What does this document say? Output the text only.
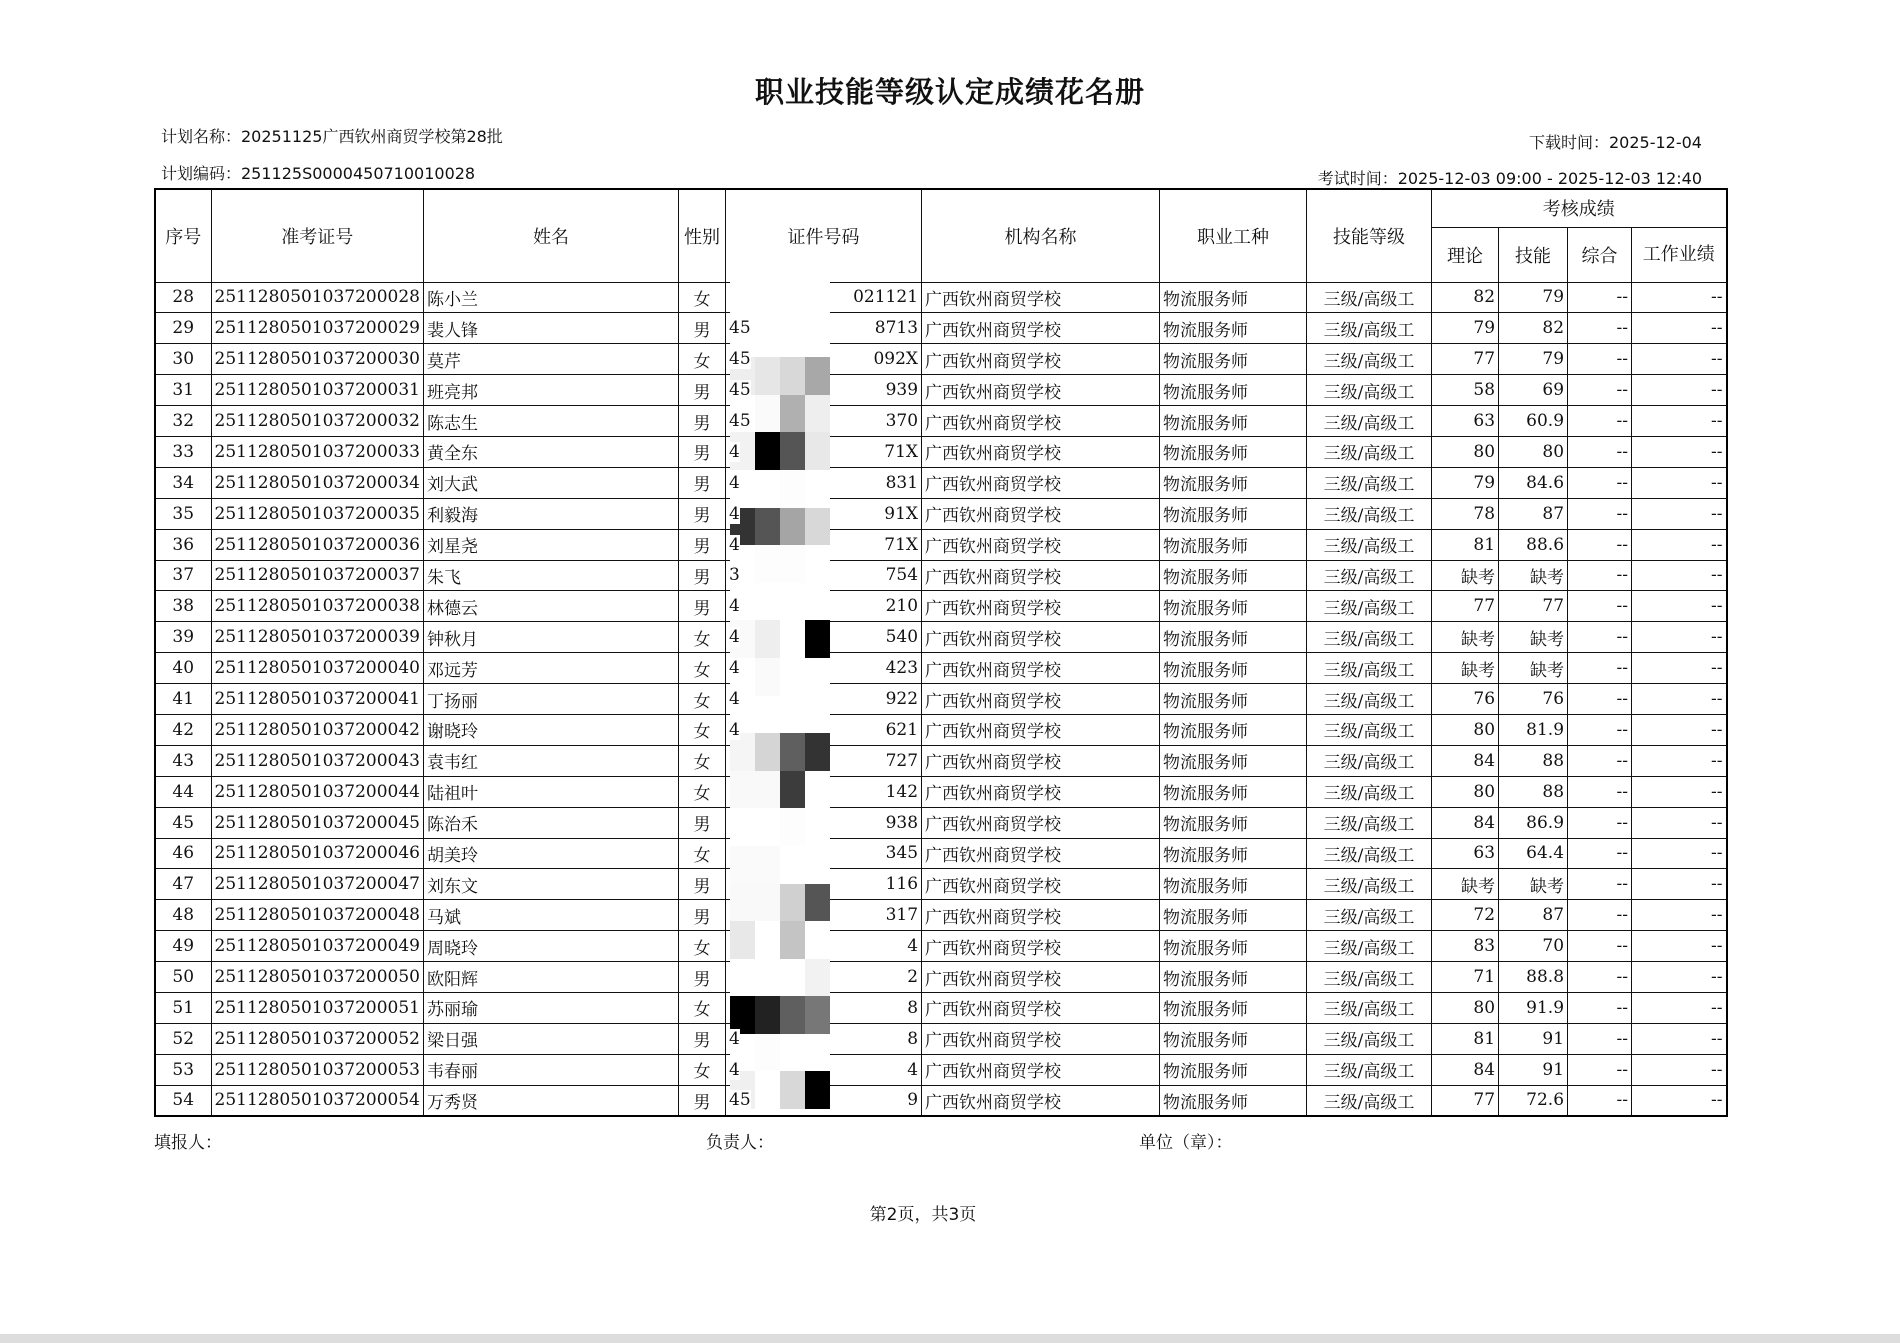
职业技能等级认定成绩花名册
计划名称：20251125广西钦州商贸学校第28批
计划编码：251125S0000450710010028
下载时间：2025-12-04
考试时间：2025-12-03 09:00 - 2025-12-03 12:40
序号	准考证号	姓名	性别	证件号码	机构名称	职业工种	技能等级	考核成绩			
								理论	技能	综合	工作业绩
28	2511280501037200028	陈小兰	女	021121	广西钦州商贸学校	物流服务师	三级/高级工	82	79	--	--
29	2511280501037200029	裴人锋	男	45 8713	广西钦州商贸学校	物流服务师	三级/高级工	79	82	--	--
30	2511280501037200030	莫芹	女	45 092X	广西钦州商贸学校	物流服务师	三级/高级工	77	79	--	--
31	2511280501037200031	班亮邦	男	45 939	广西钦州商贸学校	物流服务师	三级/高级工	58	69	--	--
32	2511280501037200032	陈志生	男	45 370	广西钦州商贸学校	物流服务师	三级/高级工	63	60.9	--	--
33	2511280501037200033	黄全东	男	4 71X	广西钦州商贸学校	物流服务师	三级/高级工	80	80	--	--
34	2511280501037200034	刘大武	男	4 831	广西钦州商贸学校	物流服务师	三级/高级工	79	84.6	--	--
35	2511280501037200035	利毅海	男	4 91X	广西钦州商贸学校	物流服务师	三级/高级工	78	87	--	--
36	2511280501037200036	刘星尧	男	4 71X	广西钦州商贸学校	物流服务师	三级/高级工	81	88.6	--	--
37	2511280501037200037	朱飞	男	3 754	广西钦州商贸学校	物流服务师	三级/高级工	缺考	缺考	--	--
38	2511280501037200038	林德云	男	4 210	广西钦州商贸学校	物流服务师	三级/高级工	77	77	--	--
39	2511280501037200039	钟秋月	女	4 540	广西钦州商贸学校	物流服务师	三级/高级工	缺考	缺考	--	--
40	2511280501037200040	邓远芳	女	4 423	广西钦州商贸学校	物流服务师	三级/高级工	缺考	缺考	--	--
41	2511280501037200041	丁扬丽	女	4 922	广西钦州商贸学校	物流服务师	三级/高级工	76	76	--	--
42	2511280501037200042	谢晓玲	女	4 621	广西钦州商贸学校	物流服务师	三级/高级工	80	81.9	--	--
43	2511280501037200043	袁韦红	女	727	广西钦州商贸学校	物流服务师	三级/高级工	84	88	--	--
44	2511280501037200044	陆祖叶	女	142	广西钦州商贸学校	物流服务师	三级/高级工	80	88	--	--
45	2511280501037200045	陈治禾	男	938	广西钦州商贸学校	物流服务师	三级/高级工	84	86.9	--	--
46	2511280501037200046	胡美玲	女	345	广西钦州商贸学校	物流服务师	三级/高级工	63	64.4	--	--
47	2511280501037200047	刘东文	男	116	广西钦州商贸学校	物流服务师	三级/高级工	缺考	缺考	--	--
48	2511280501037200048	马斌	男	317	广西钦州商贸学校	物流服务师	三级/高级工	72	87	--	--
49	2511280501037200049	周晓玲	女	4	广西钦州商贸学校	物流服务师	三级/高级工	83	70	--	--
50	2511280501037200050	欧阳辉	男	2	广西钦州商贸学校	物流服务师	三级/高级工	71	88.8	--	--
51	2511280501037200051	苏丽瑜	女	8	广西钦州商贸学校	物流服务师	三级/高级工	80	91.9	--	--
52	2511280501037200052	梁日强	男	4 8	广西钦州商贸学校	物流服务师	三级/高级工	81	91	--	--
53	2511280501037200053	韦春丽	女	4 4	广西钦州商贸学校	物流服务师	三级/高级工	84	91	--	--
54	2511280501037200054	万秀贤	男	45 9	广西钦州商贸学校	物流服务师	三级/高级工	77	72.6	--	--
填报人：	负责人：	单位（章）：
第2页，共3页
